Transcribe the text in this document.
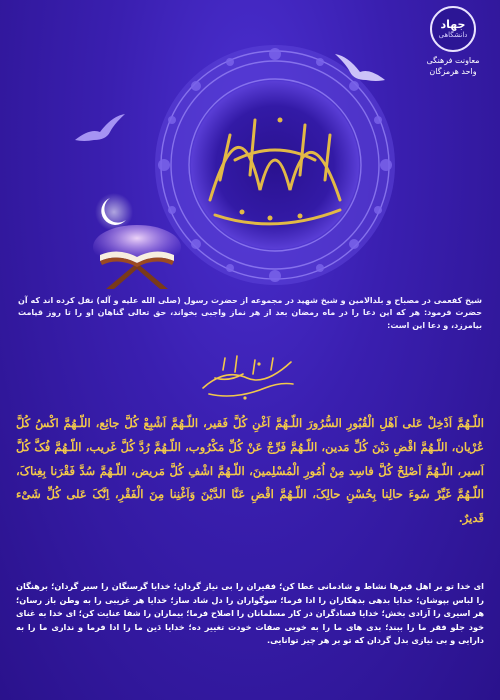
جهاد
دانشگاهی
معاونت فرهنگی
واحد هرمزگان

شیخ کفعمی در مصباح و بلدالامین و شیخ شهید در مجموعه از حضرت رسول (صلی الله علیه و آله) نقل کرده اند که آن حضرت فرمود: هر که این دعا را در ماه رمضان بعد از هر نماز واجبی بخواند، حق تعالی گناهان او را تا روز قیامت بیامرزد، و دعا این است:

اللّـهُمَّ اَدْخِلْ عَلی اَهْلِ الْقُبُورِ السُّرُورَ اللّـهُمَّ اَغْنِ کُلَّ فَقیر، اللّـهُمَّ اَشْبِعْ کُلَّ جائِع، اللّـهُمَّ اکْسُ کُلَّ عُرْیان، اللّـهُمَّ اقْضِ دَیْنَ کُلِّ مَدین، اللّـهُمَّ فَرِّجْ عَنْ کُلِّ مَکْرُوب، اللّـهُمَّ رُدَّ کُلَّ غَریب، اللّـهُمَّ فُکَّ کُلَّ اَسیر، اللّـهُمَّ اَصْلِحْ کُلَّ فاسِد مِنْ اُمُورِ الْمُسْلِمینَ، اللّـهُمَّ اشْفِ کُلَّ مَریض، اللّـهُمَّ سُدَّ فَقْرَنا بِغِناکَ، اللّـهُمَّ غَیِّرْ سُوءَ حالِنا بِحُسْنِ حالِکَ، اللّـهُمَّ اقْضِ عَنَّا الدَّیْنَ وَاَغْنِنا مِنَ الْفَقْرِ، اِنَّکَ عَلی کُلِّ شَیْء قَدیرٌ.

ای خدا تو بر اهل قبرها نشاط و شادمانی عطا کن؛ فقیران را بی نیاز گردان؛ خدایا گرسنگان را سیر گردان؛ برهنگان را لباس بپوشان؛ خدایا بدهی بدهکاران را ادا فرما؛ سوگواران را دل شاد ساز؛ خدایا هر غریبی را به وطن باز رسان؛ هر اسیری را آزادی بخش؛ خدایا فسادگران در کار مسلمانان را اصلاح فرما؛ بیماران را شفا عنایت کن؛ ای خدا به غنای خود جلو فقر ما را ببند؛ بدی های ما را به خوبی صفات خودت تغییر ده؛ خدایا دَین ما را ادا فرما و نداری ما را به دارایی و بی نیازی بدل گردان که تو بر هر چیز توانایی.
